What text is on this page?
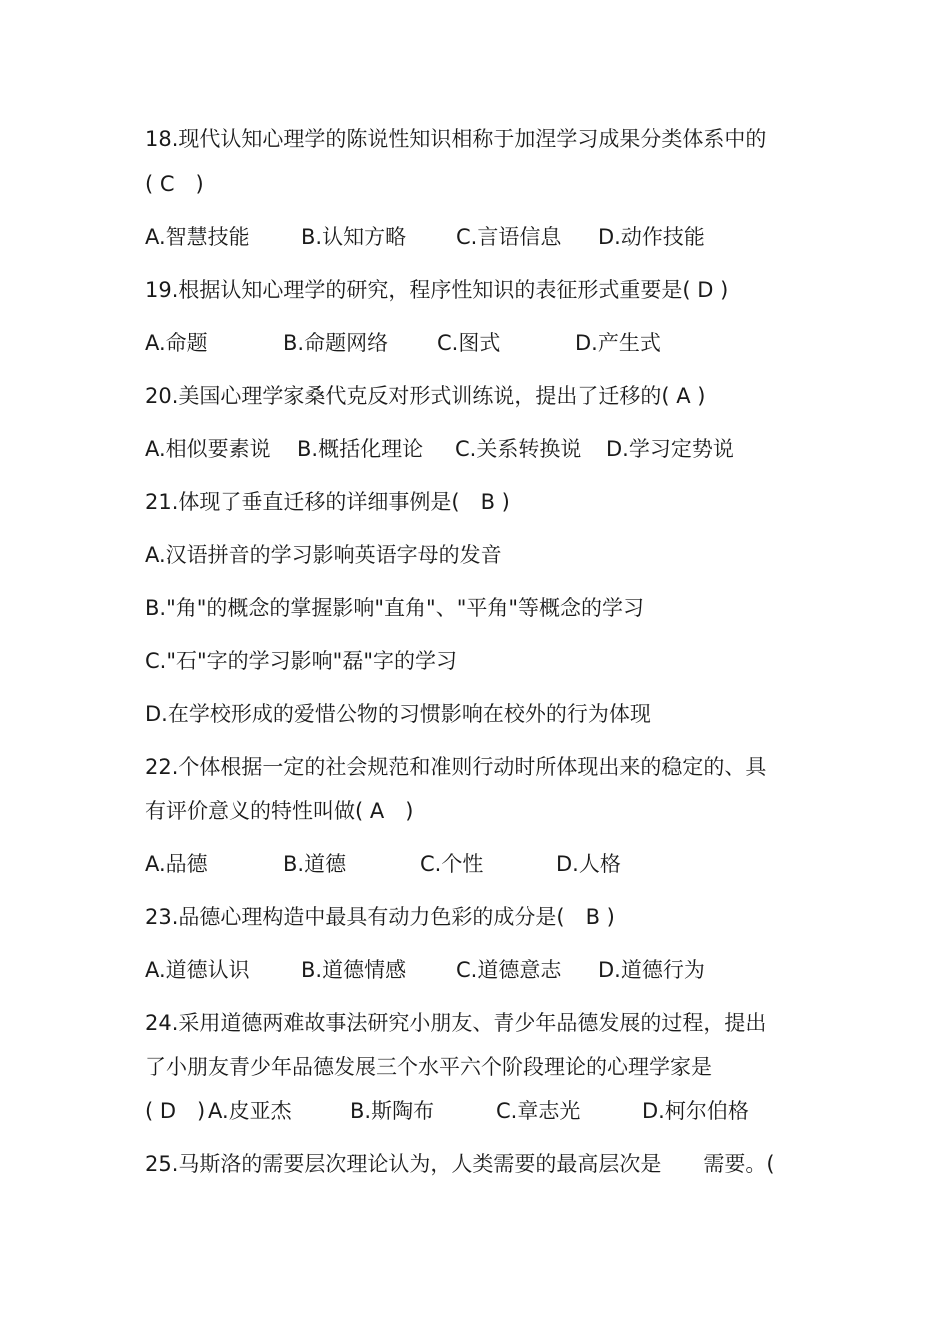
18.现代认知心理学的陈说性知识相称于加涅学习成果分类体系中的
( C　)
A.智慧技能 B.认知方略 C.言语信息 D.动作技能
19.根据认知心理学的研究，程序性知识的表征形式重要是( D )
A.命题	B.命题网络 C.图式	D.产生式
20.美国心理学家桑代克反对形式训练说，提出了迁移的( A )
A.相似要素说 B.概括化理论 C.关系转换说 D.学习定势说
21.体现了垂直迁移的详细事例是(　B )
A.汉语拼音的学习影响英语字母的发音
B."角"的概念的掌握影响"直角"、"平角"等概念的学习
C."石"字的学习影响"磊"字的学习
D.在学校形成的爱惜公物的习惯影响在校外的行为体现
22.个体根据一定的社会规范和准则行动时所体现出来的稳定的、具
有评价意义的特性叫做( A　)
A.品德	B.道德	C.个性	D.人格
23.品德心理构造中最具有动力色彩的成分是(　B )
A.道德认识 B.道德情感 C.道德意志 D.道德行为
24.采用道德两难故事法研究小朋友、青少年品德发展的过程，提出
了小朋友青少年品德发展三个水平六个阶段理论的心理学家是
( D　) A.皮亚杰	B.斯陶布	C.章志光	D.柯尔伯格
25.马斯洛的需要层次理论认为，人类需要的最高层次是　　需要。(
